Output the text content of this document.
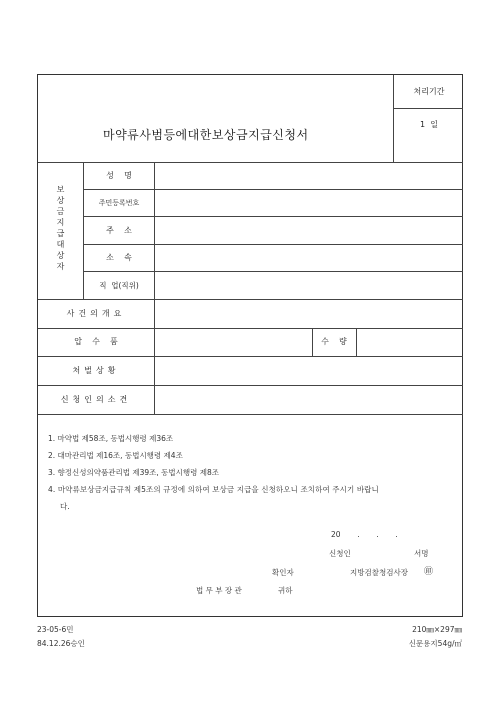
처리기간
1  일
마약류사범등에대한보상금지급신청서
보상금지급대상자
성    명
주민등록번호
주    소
소    속
직  업(직위)
사건의개요
압    수    품	수    량
처벌상황
신청인의소견
1. 마약법 제58조, 동법시행령 제36조
2. 대마관리법 제16조, 동법시행령 제4조
3. 향정신성의약품관리법 제39조, 동법시행령 제8조
4. 마약류보상금지급규칙 제5조의 규정에 의하여 보상금 지급을 신청하오니 조치하여 주시기 바랍니
다.
20       .       .       .
신청인	서명
확인자	지방검찰청검사장 ㊞
법 무 부 장 관	귀하
23-05-6민
84.12.26승인
210㎜×297㎜
신문용지54g/㎡
